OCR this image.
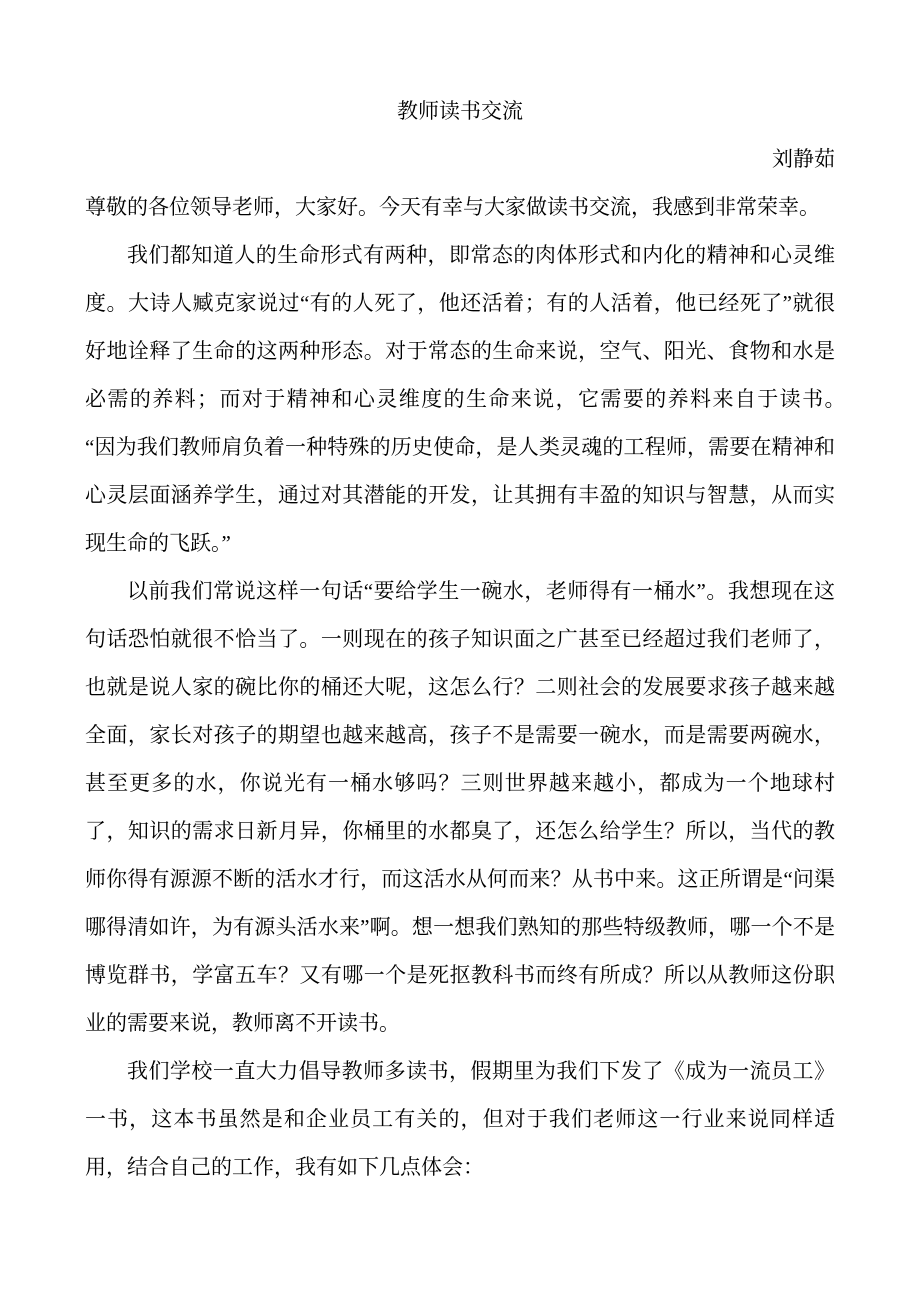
教师读书交流
刘静茹

尊敬的各位领导老师，大家好。今天有幸与大家做读书交流，我感到非常荣幸。

我们都知道人的生命形式有两种，即常态的肉体形式和内化的精神和心灵维度。大诗人臧克家说过“有的人死了，他还活着；有的人活着，他已经死了”就很好地诠释了生命的这两种形态。对于常态的生命来说，空气、阳光、食物和水是必需的养料；而对于精神和心灵维度的生命来说，它需要的养料来自于读书。　“因为我们教师肩负着一种特殊的历史使命，是人类灵魂的工程师，需要在精神和心灵层面涵养学生，通过对其潜能的开发，让其拥有丰盈的知识与智慧，从而实现生命的飞跃。”

以前我们常说这样一句话“要给学生一碗水，老师得有一桶水”。我想现在这句话恐怕就很不恰当了。一则现在的孩子知识面之广甚至已经超过我们老师了，也就是说人家的碗比你的桶还大呢，这怎么行？二则社会的发展要求孩子越来越全面，家长对孩子的期望也越来越高，孩子不是需要一碗水，而是需要两碗水，甚至更多的水，你说光有一桶水够吗？三则世界越来越小，都成为一个地球村了，知识的需求日新月异，你桶里的水都臭了，还怎么给学生？所以，当代的教师你得有源源不断的活水才行，而这活水从何而来？从书中来。这正所谓是“问渠哪得清如许，为有源头活水来”啊。想一想我们熟知的那些特级教师，哪一个不是博览群书，学富五车？又有哪一个是死抠教科书而终有所成？所以从教师这份职业的需要来说，教师离不开读书。

我们学校一直大力倡导教师多读书，假期里为我们下发了《成为一流员工》一书，这本书虽然是和企业员工有关的，但对于我们老师这一行业来说同样适用，结合自己的工作，我有如下几点体会：
